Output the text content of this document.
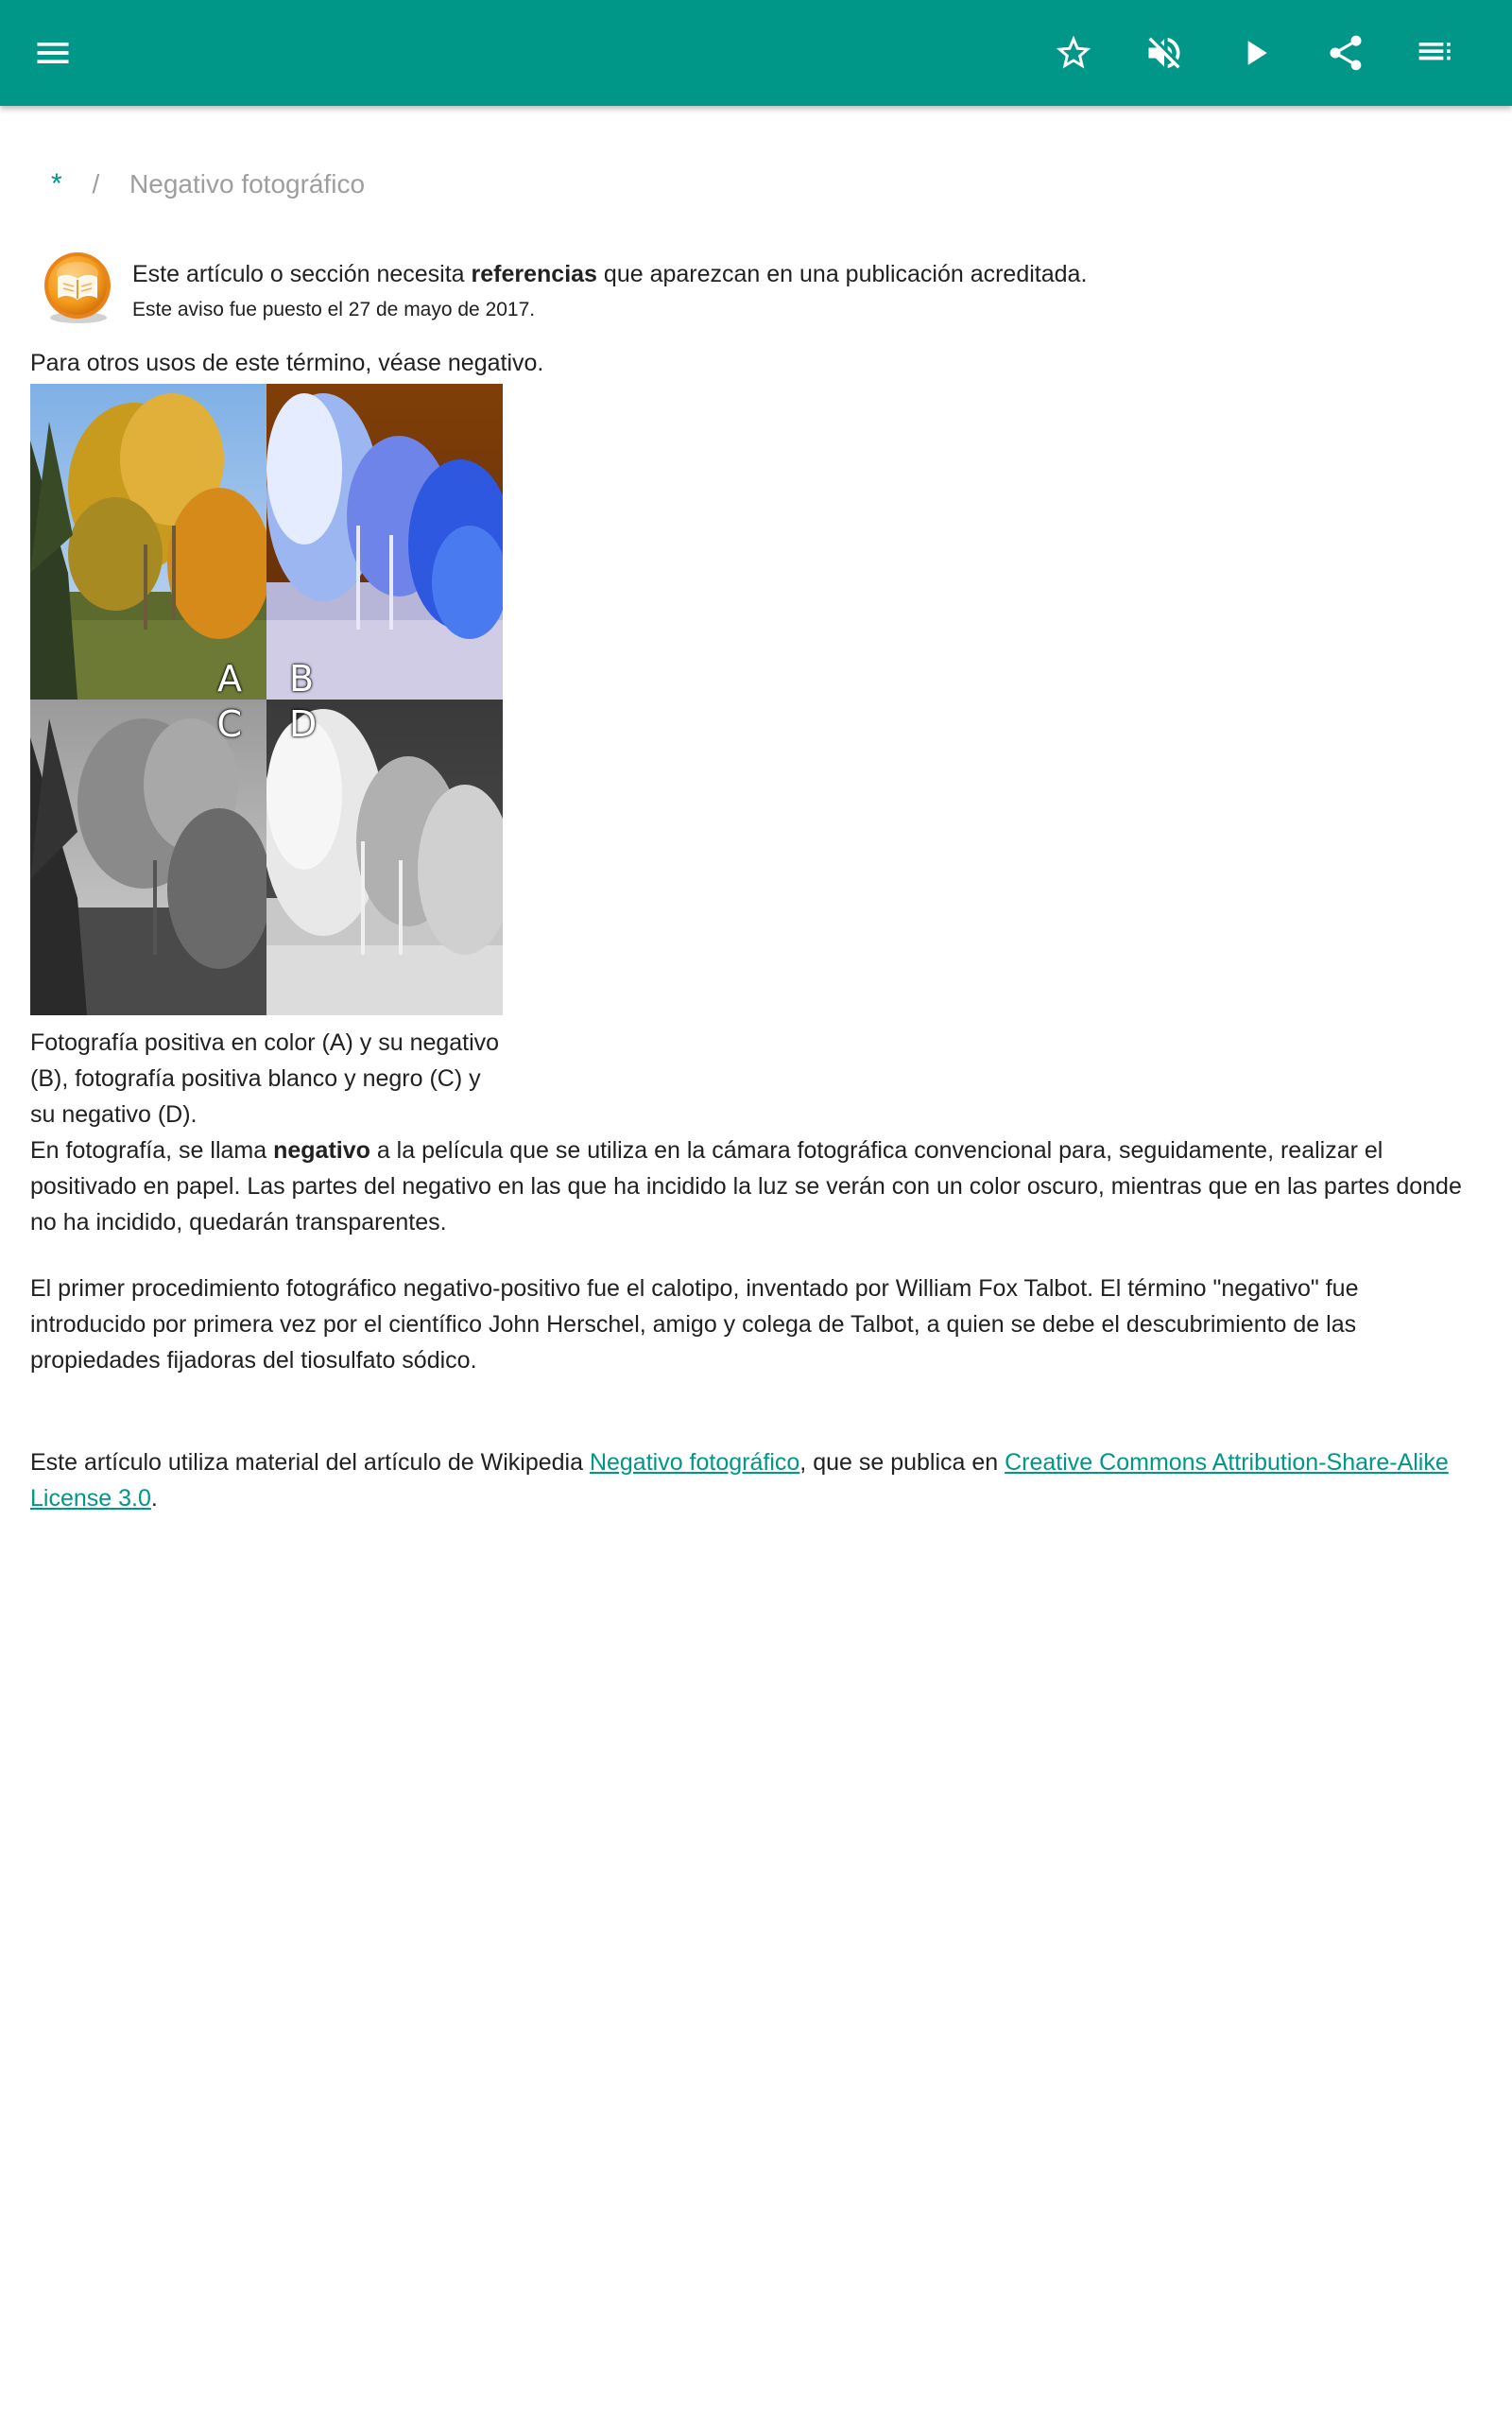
* / Negativo fotográfico
Este artículo o sección necesita referencias que aparezcan en una publicación acreditada.
Este aviso fue puesto el 27 de mayo de 2017.
Para otros usos de este término, véase negativo.
A B
C D
Fotografía positiva en color (A) y su negativo (B), fotografía positiva blanco y negro (C) y su negativo (D).
En fotografía, se llama negativo a la película que se utiliza en la cámara fotográfica convencional para, seguidamente, realizar el positivado en papel. Las partes del negativo en las que ha incidido la luz se verán con un color oscuro, mientras que en las partes donde no ha incidido, quedarán transparentes.
El primer procedimiento fotográfico negativo-positivo fue el calotipo, inventado por William Fox Talbot. El término "negativo" fue introducido por primera vez por el científico John Herschel, amigo y colega de Talbot, a quien se debe el descubrimiento de las propiedades fijadoras del tiosulfato sódico.
Este artículo utiliza material del artículo de Wikipedia Negativo fotográfico, que se publica en Creative Commons Attribution-Share-Alike License 3.0.
